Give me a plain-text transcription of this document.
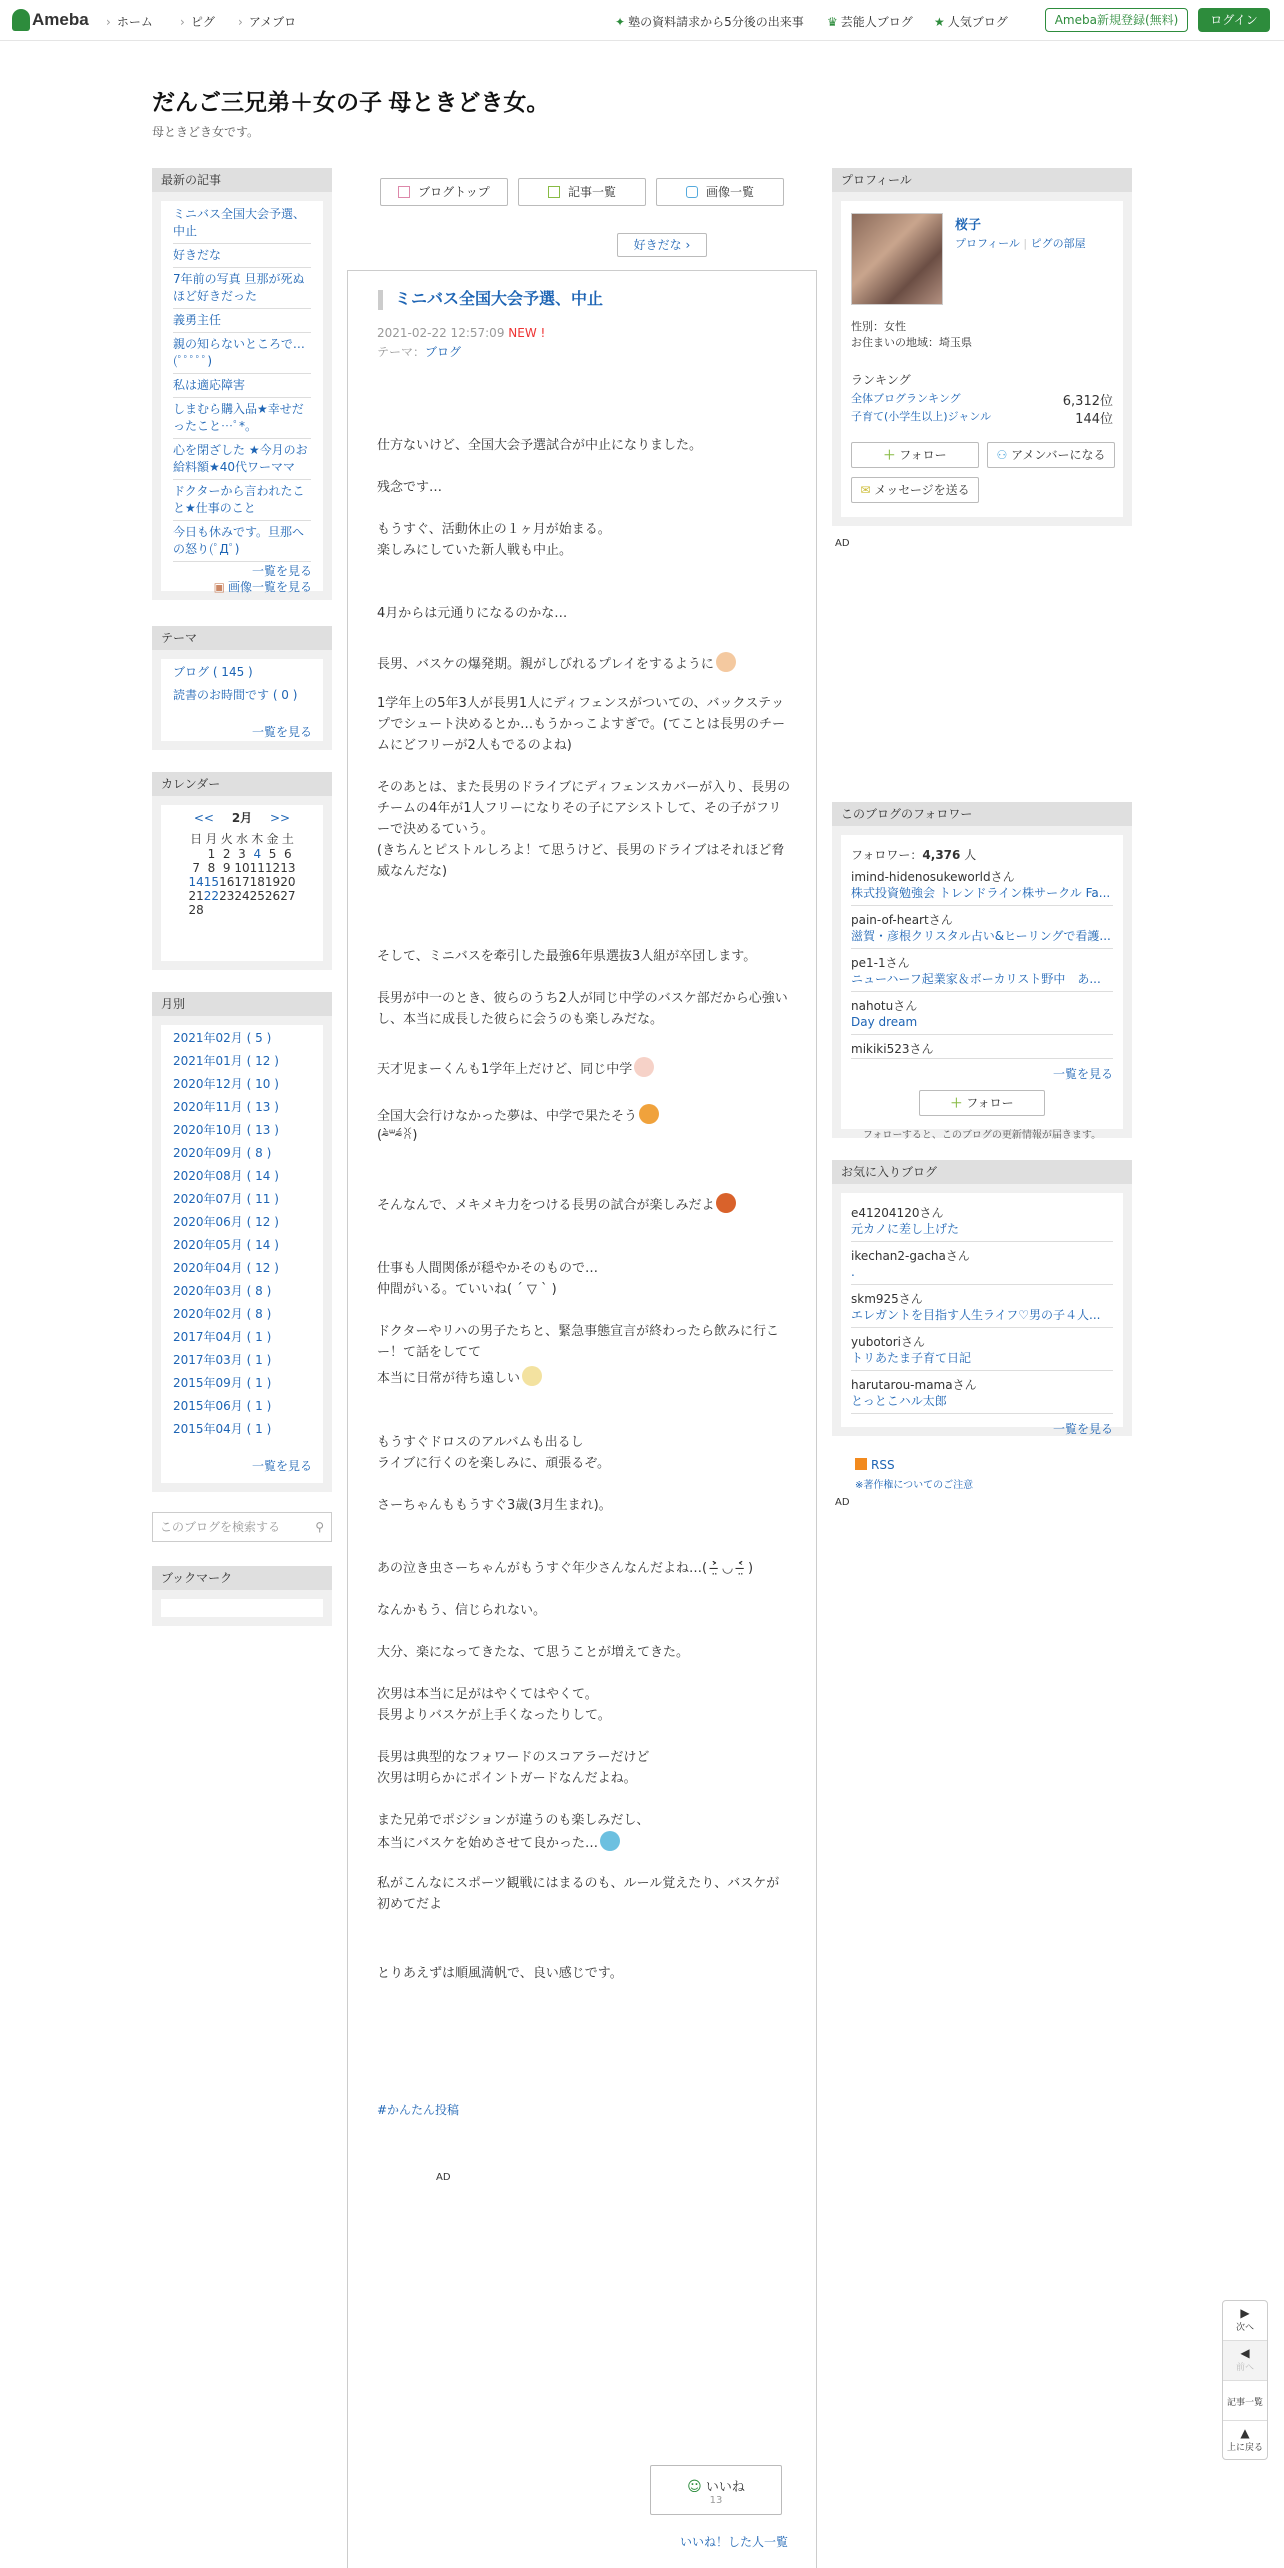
Ameba	› ホーム	› ピグ	› アメブロ	✦ 塾の資料請求から5分後の出来事 ♛ 芸能人ブログ ★ 人気ブログ	Ameba新規登録(無料)	ログイン
だんご三兄弟＋女の子 母ときどき女。
母ときどき女です。
最新の記事
ミニバス全国大会予選、中止
好きだな
7年前の写真 旦那が死ぬほど好きだった
義勇主任
親の知らないところで…(ﾟﾟﾟﾟﾟ)
私は適応障害
しまむら購入品★幸せだったこと…ﾟ*。
心を閉ざした ★今月のお給料額★40代ワーママ
ドクターから言われたこと★仕事のこと
今日も休みです。旦那への怒り(ﾟДﾟ)
一覧を見る
▣ 画像一覧を見る
テーマ
ブログ ( 145 )
読書のお時間です ( 0 )
一覧を見る
カレンダー
<< 2月 >>
日	月	火	水	木	金	土
	1	2	3	4	5	6
7	8	9	10	11	12	13
14	15	16	17	18	19	20
21	22	23	24	25	26	27
28						
月別
2021年02月 ( 5 )
2021年01月 ( 12 )
2020年12月 ( 10 )
2020年11月 ( 13 )
2020年10月 ( 13 )
2020年09月 ( 8 )
2020年08月 ( 14 )
2020年07月 ( 11 )
2020年06月 ( 12 )
2020年05月 ( 14 )
2020年04月 ( 12 )
2020年03月 ( 8 )
2020年02月 ( 8 )
2017年04月 ( 1 )
2017年03月 ( 1 )
2015年09月 ( 1 )
2015年06月 ( 1 )
2015年04月 ( 1 )
一覧を見る
このブログを検索する	⚲
ブックマーク
ブログトップ	記事一覧	画像一覧
好きだな ›
ミニバス全国大会予選、中止
2021-02-22 12:57:09 NEW !
テーマ：ブログ
仕方ないけど、全国大会予選試合が中止になりました。
残念です…
もうすぐ、活動休止の１ヶ月が始まる。
楽しみにしていた新人戦も中止。
4月からは元通りになるのかな…
長男、バスケの爆発期。親がしびれるプレイをするように
1学年上の5年3人が長男1人にディフェンスがついての、バックステップでシュート決めるとか…もうかっこよすぎで。(てことは長男のチームにどフリーが2人もでるのよね)
そのあとは、また長男のドライブにディフェンスカバーが入り、長男のチームの4年が1人フリーになりその子にアシストして、その子がフリーで決めるていう。
(きちんとピストルしろよ！て思うけど、長男のドライブはそれほど脅威なんだな)
そして、ミニバスを牽引した最強6年県選抜3人組が卒団します。
長男が中一のとき、彼らのうち2人が同じ中学のバスケ部だから心強いし、本当に成長した彼らに会うのも楽しみだな。
天才児まーくんも1学年上だけど、同じ中学
全国大会行けなかった夢は、中学で果たそう
(⁼̴̀ᐜ⁼̴́ꐦ)
そんなんで、メキメキ力をつける長男の試合が楽しみだよ
仕事も人間関係が穏やかそのもので…
仲間がいる。ていいね( ´ ▽ ` )
ドクターやリハの男子たちと、緊急事態宣言が終わったら飲みに行こー！て話をしてて
本当に日常が待ち遠しい
もうすぐドロスのアルバムも出るし
ライブに行くのを楽しみに、頑張るぞ。
さーちゃんももうすぐ3歳(3月生まれ)。
あの泣き虫さーちゃんがもうすぐ年少さんなんだよね…( ˃̶̤̀ ◡ ˂̶̤́ )
なんかもう、信じられない。
大分、楽になってきたな、て思うことが増えてきた。
次男は本当に足がはやくてはやくて。
長男よりバスケが上手くなったりして。
長男は典型的なフォワードのスコアラーだけど
次男は明らかにポイントガードなんだよね。
また兄弟でポジションが違うのも楽しみだし、
本当にバスケを始めさせて良かった…
私がこんなにスポーツ観戦にはまるのも、ルール覚えたり、バスケが初めてだよ
とりあえずは順風満帆で、良い感じです。
#かんたん投稿
AD
☺ いいね
13
いいね！した人一覧
プロフィール
桜子
プロフィール | ピグの部屋
性別：女性
お住まいの地域：埼玉県
ランキング
全体ブログランキング	6,312位
子育て(小学生以上)ジャンル	144位
＋ フォロー	⚇ アメンバーになる
✉ メッセージを送る
AD
このブログのフォロワー
フォロワー：4,376 人
imind-hidenosukeworldさん
株式投資勉強会 トレンドライン株サークル Fa...
pain-of-heartさん
滋賀・彦根クリスタル占い&ヒーリングで看護...
pe1-1さん
ニューハーフ起業家＆ボーカリスト野中　あ...
nahotuさん
Day dream
mikiki523さん
一覧を見る
＋ フォロー
フォローすると、このブログの更新情報が届きます。
お気に入りブログ
e41204120さん
元カノに差し上げた
ikechan2-gachaさん
.
skm925さん
エレガントを目指す人生ライフ♡男の子４人...
yubotoriさん
トリあたま子育て日記
harutarou-mamaさん
とっとこハル太郎
一覧を見る
RSS
※著作権についてのご注意
AD
▶
次へ
◀
前へ
記事一覧
▲
上に戻る
